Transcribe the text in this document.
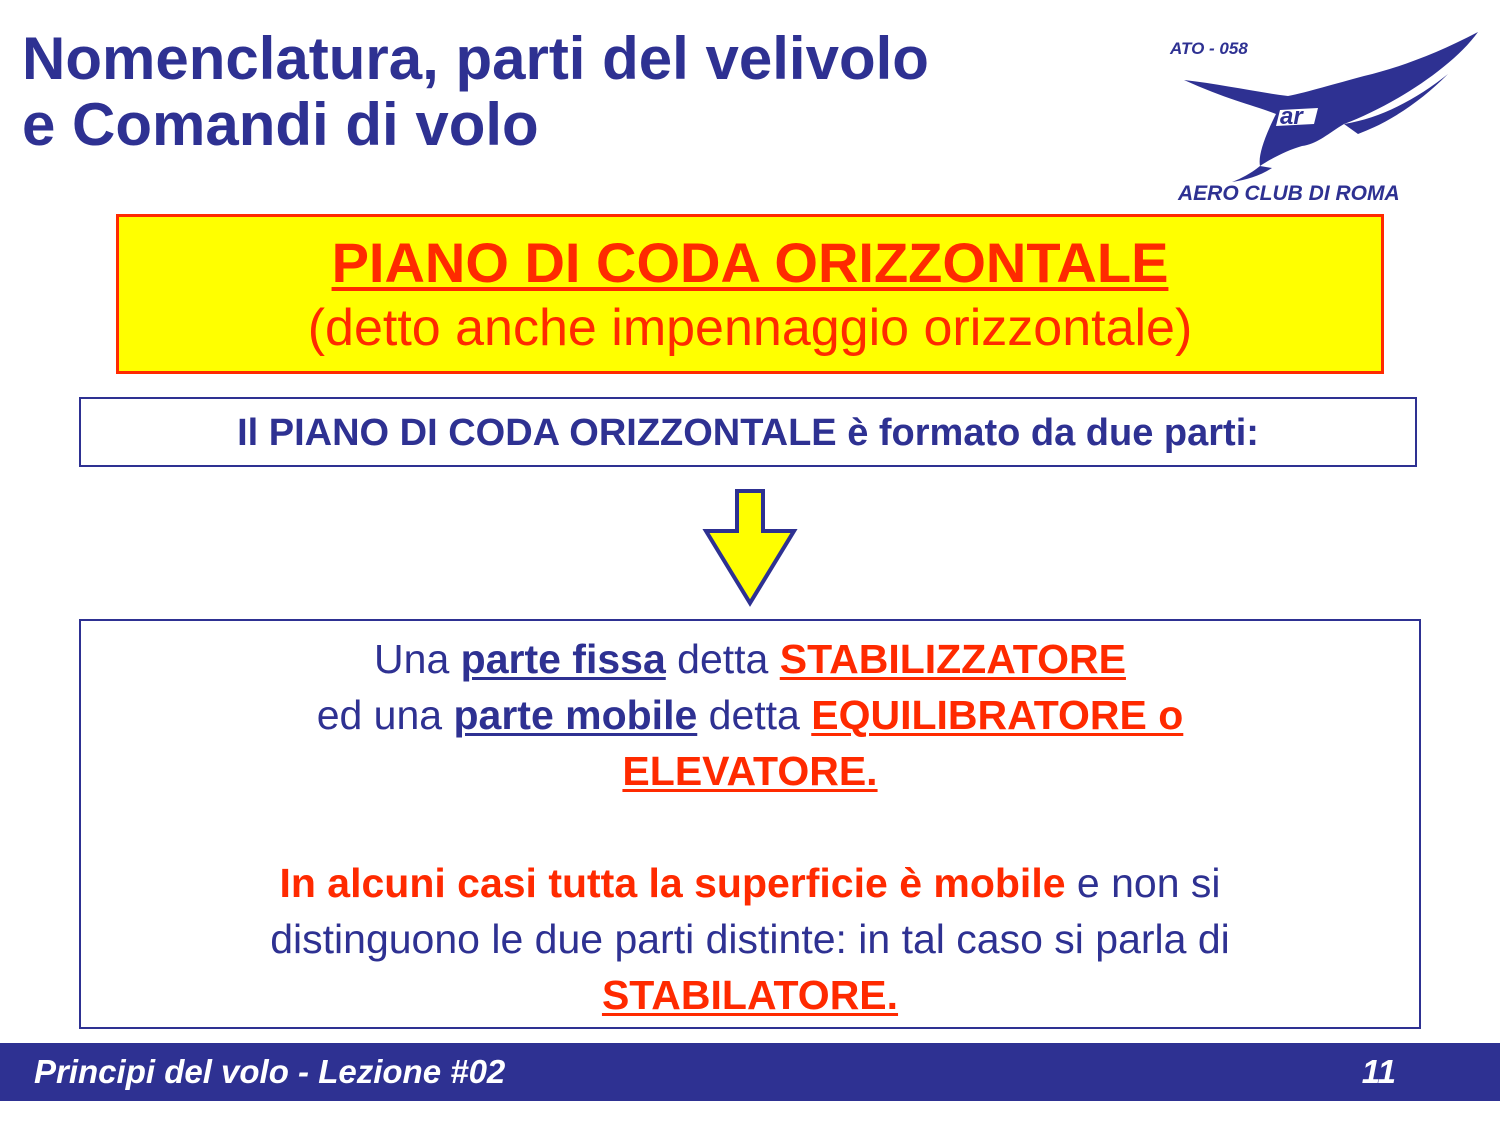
Nomenclatura, parti del velivolo
e Comandi di volo
ATO - 058
ar
AERO CLUB DI ROMA
PIANO DI CODA ORIZZONTALE
(detto anche impennaggio orizzontale)
Il PIANO DI CODA ORIZZONTALE è formato da due parti:
Una parte fissa detta STABILIZZATORE
ed una parte mobile detta EQUILIBRATORE o
ELEVATORE.
In alcuni casi tutta la superficie è mobile e non si
distinguono le due parti distinte: in tal caso si parla di
STABILATORE.
Principi del volo - Lezione #02	11
